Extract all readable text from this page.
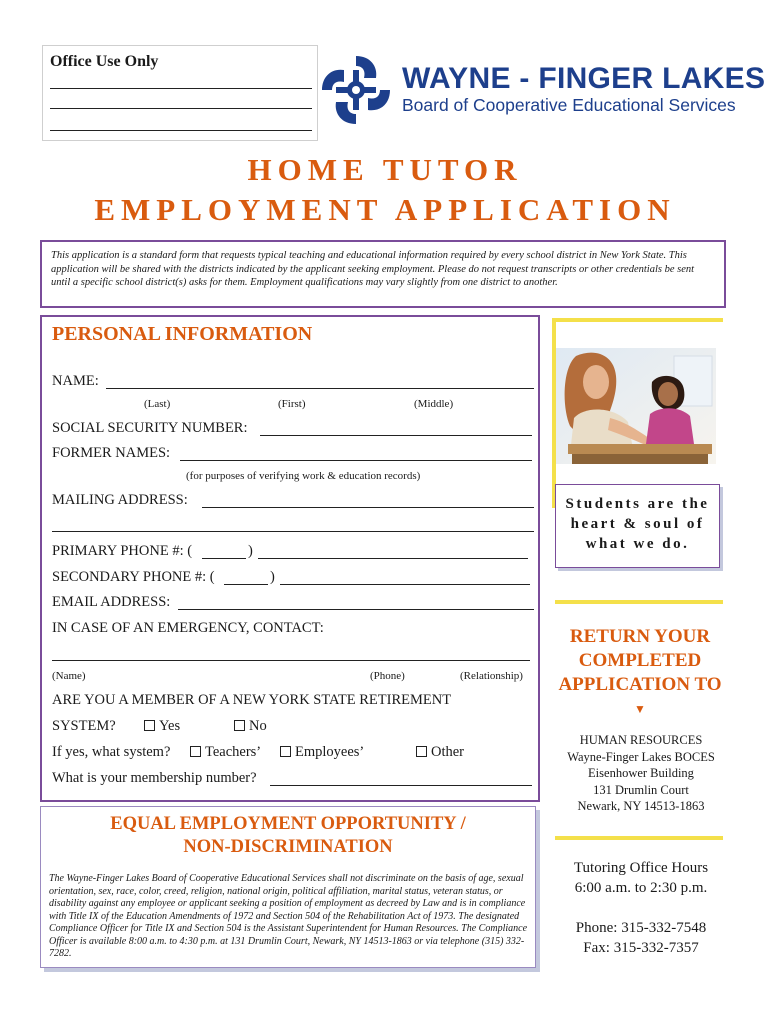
Office Use Only
WAYNE - FINGER LAKES
Board of Cooperative Educational Services
HOME TUTOR
EMPLOYMENT APPLICATION
This application is a standard form that requests typical teaching and educational information required by every school district in New York State. This application will be shared with the districts indicated by the applicant seeking employment. Please do not request transcripts or other credentials be sent until a specific school district(s) asks for them. Employment qualifications may vary slightly from one district to another.
PERSONAL INFORMATION
NAME:
(Last)	(First)	(Middle)
SOCIAL SECURITY NUMBER:
FORMER NAMES:
(for purposes of verifying work & education records)
MAILING ADDRESS:
PRIMARY PHONE #: (	)
SECONDARY PHONE #: (	)
EMAIL ADDRESS:
IN CASE OF AN EMERGENCY, CONTACT:
(Name)	(Phone)	(Relationship)
ARE YOU A MEMBER OF A NEW YORK STATE RETIREMENT
SYSTEM?	Yes	No
If yes, what system?	Teachers’	Employees’	Other
What is your membership number?
Students are the heart & soul of what we do.
RETURN YOUR COMPLETED APPLICATION TO ▼
HUMAN RESOURCES
Wayne-Finger Lakes BOCES
Eisenhower Building
131 Drumlin Court
Newark, NY 14513-1863
Tutoring Office Hours
6:00 a.m. to 2:30 p.m.
Phone: 315-332-7548
Fax: 315-332-7357
EQUAL EMPLOYMENT OPPORTUNITY /
NON-DISCRIMINATION
The Wayne-Finger Lakes Board of Cooperative Educational Services shall not discriminate on the basis of age, sexual orientation, sex, race, color, creed, religion, national origin, political affiliation, marital status, veteran status, or disability against any employee or applicant seeking a position of employment as decreed by Law and is in compliance with Title IX of the Education Amendments of 1972 and Section 504 of the Rehabilitation Act of 1973. The designated Compliance Officer for Title IX and Section 504 is the Assistant Superintendent for Human Resources. The Compliance Officer is available 8:00 a.m. to 4:30 p.m. at 131 Drumlin Court, Newark, NY 14513-1863 or via telephone (315) 332-7282.
